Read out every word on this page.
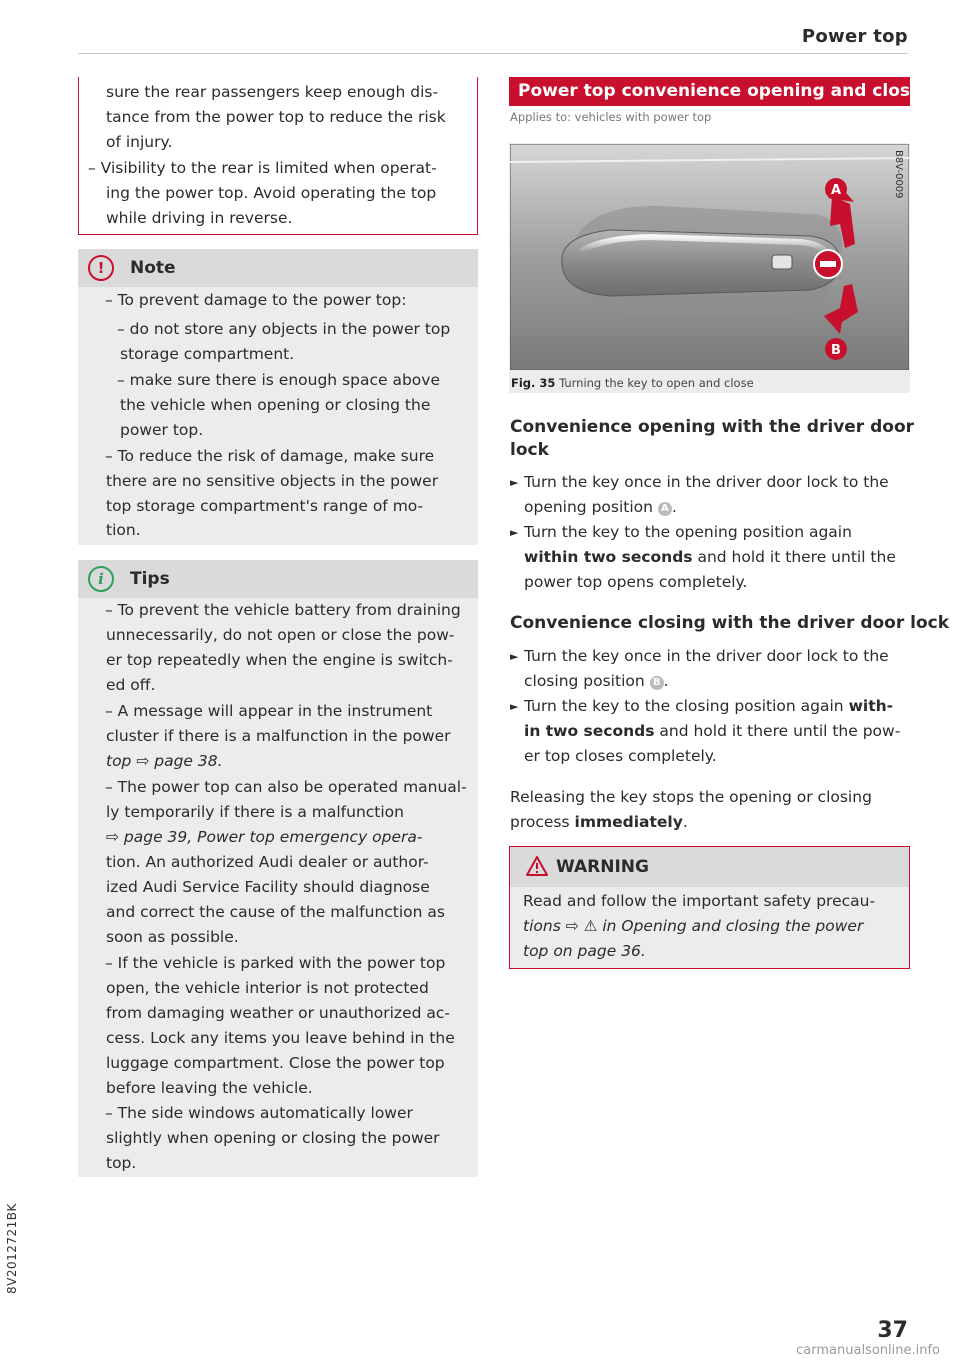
Power top
sure the rear passengers keep enough dis-
tance from the power top to reduce the risk
of injury.
– Visibility to the rear is limited when operat-
ing the power top. Avoid operating the top
while driving in reverse.
!	Note
– To prevent damage to the power top:
– do not store any objects in the power top
storage compartment.
– make sure there is enough space above
the vehicle when opening or closing the
power top.
– To reduce the risk of damage, make sure
there are no sensitive objects in the power
top storage compartment's range of mo-
tion.
i	Tips
– To prevent the vehicle battery from draining
unnecessarily, do not open or close the pow-
er top repeatedly when the engine is switch-
ed off.
– A message will appear in the instrument
cluster if there is a malfunction in the power
top ⇨ page 38.
– The power top can also be operated manual-
ly temporarily if there is a malfunction
⇨ page 39, Power top emergency opera-
tion. An authorized Audi dealer or author-
ized Audi Service Facility should diagnose
and correct the cause of the malfunction as
soon as possible.
– If the vehicle is parked with the power top
open, the vehicle interior is not protected
from damaging weather or unauthorized ac-
cess. Lock any items you leave behind in the
luggage compartment. Close the power top
before leaving the vehicle.
– The side windows automatically lower
slightly when opening or closing the power
top.
Power top convenience opening and closing
Applies to: vehicles with power top
A
B
B8V-0009
Fig. 35 Turning the key to open and close
Convenience opening with the driver door
lock
► Turn the key once in the driver door lock to the
opening position A .
► Turn the key to the opening position again
within two seconds and hold it there until the
power top opens completely.
Convenience closing with the driver door lock
► Turn the key once in the driver door lock to the
closing position B .
► Turn the key to the closing position again with-
in two seconds and hold it there until the pow-
er top closes completely.
Releasing the key stops the opening or closing
process immediately.
WARNING
Read and follow the important safety precau-
tions ⇨ ⚠ in Opening and closing the power
top on page 36.
8V2012721BK
37
carmanualsonline.info
